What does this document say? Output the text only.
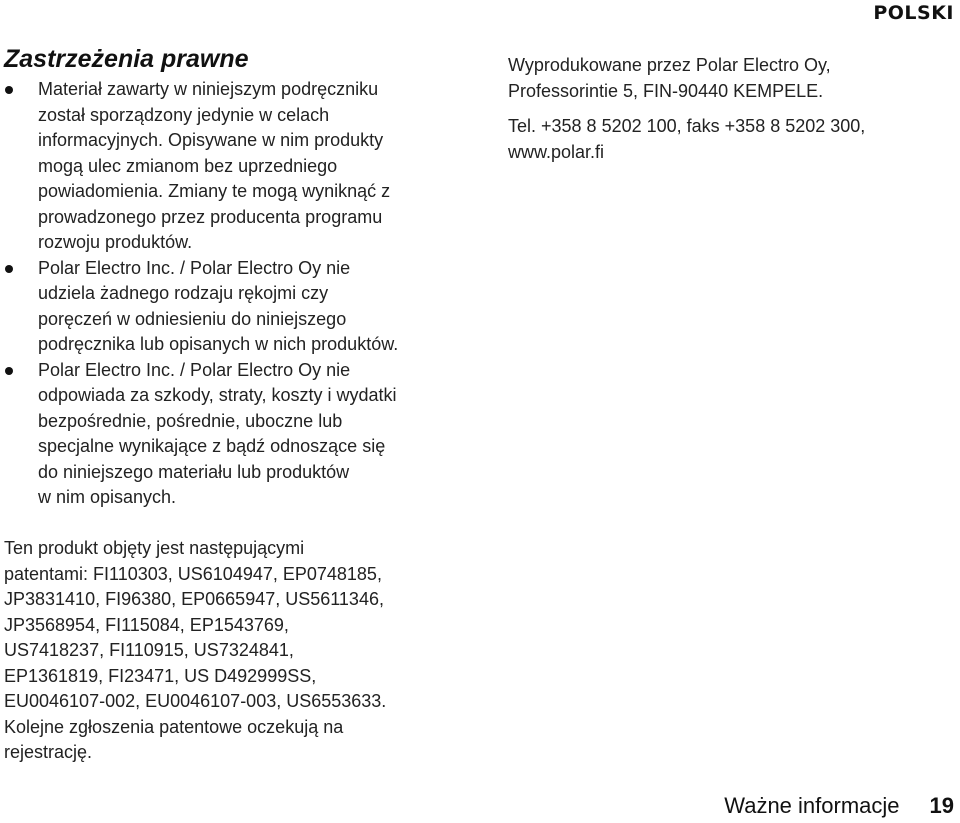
POLSKI
Zastrzeżenia prawne
Materiał zawarty w niniejszym podręczniku
został sporządzony jedynie w celach
informacyjnych. Opisywane w nim produkty
mogą ulec zmianom bez uprzedniego
powiadomienia. Zmiany te mogą wyniknąć z
prowadzonego przez producenta programu
rozwoju produktów.
Polar Electro Inc. / Polar Electro Oy nie
udziela żadnego rodzaju rękojmi czy
poręczeń w odniesieniu do niniejszego
podręcznika lub opisanych w nich produktów.
Polar Electro Inc. / Polar Electro Oy nie
odpowiada za szkody, straty, koszty i wydatki
bezpośrednie, pośrednie, uboczne lub
specjalne wynikające z bądź odnoszące się
do niniejszego materiału lub produktów
w nim opisanych.

Wyprodukowane przez Polar Electro Oy,
Professorintie 5, FIN-90440 KEMPELE.

Tel. +358 8 5202 100, faks +358 8 5202 300,
www.polar.fi

Ten produkt objęty jest następującymi
patentami: FI110303, US6104947, EP0748185,
JP3831410, FI96380, EP0665947, US5611346,
JP3568954, FI115084, EP1543769,
US7418237, FI110915, US7324841,
EP1361819, FI23471, US D492999SS,
EU0046107-002, EU0046107-003, US6553633.
Kolejne zgłoszenia patentowe oczekują na
rejestrację.

Ważne informacje 19
